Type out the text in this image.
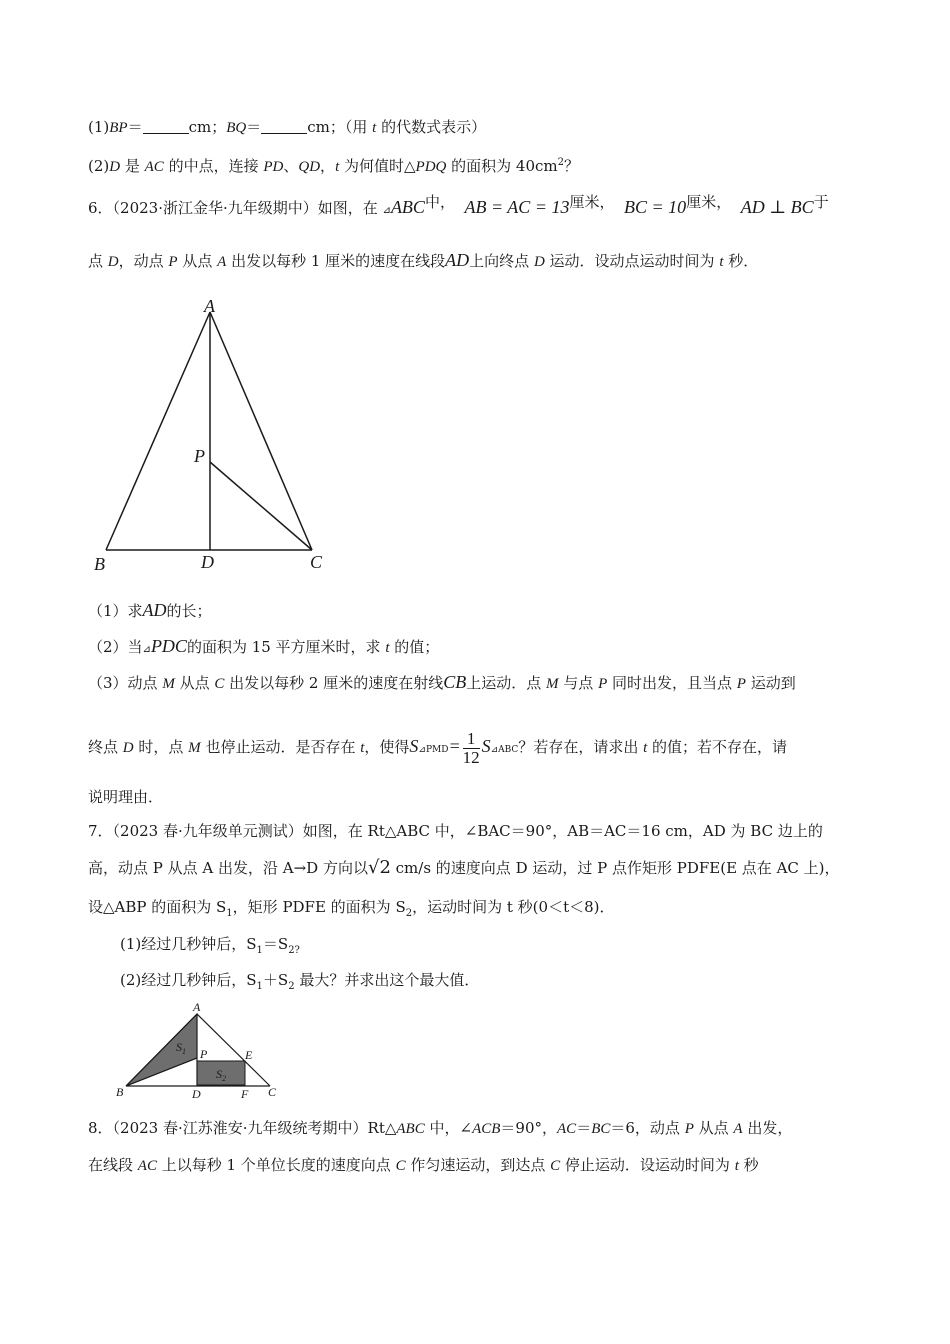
(1)BP＝	cm；BQ＝	cm；（用 t 的代数式表示）
(2)D 是 AC 的中点，连接 PD、QD，t 为何值时△PDQ 的面积为 $40cm^2$？
6．（2023·浙江金华·九年级期中）如图，在 ⊿ABC中， AB = AC = 13厘米， BC = 10厘米， AD ⊥ BC于
点 D，动点 P 从点 A 出发以每秒 1 厘米的速度在线段AD上向终点 D 运动．设动点运动时间为 t 秒．
A
B	C
D
P
（1）求AD的长；
（2）当⊿PDC的面积为 15 平方厘米时，求 t 的值；
（3）动点 M 从点 C 出发以每秒 2 厘米的速度在射线CB上运动．点 M 与点 P 同时出发，且当点 P 运动到
终点 D 时，点 M 也停止运动．是否存在 t，使得S⊿PMD= $\frac{1}{12}$ S⊿ABC？若存在，请求出 t 的值；若不存在，请
说明理由．
7．（2023 春·九年级单元测试）如图，在 Rt△ABC 中，∠BAC＝90°，AB＝AC＝16 cm，AD 为 BC 边上的
高，动点 P 从点 A 出发，沿 A→D 方向以√2 cm/s 的速度向点 D 运动，过 P 点作矩形 PDFE(E 点在 AC 上)，
设△ABP 的面积为 $S_1$，矩形 PDFE 的面积为 $S_2$，运动时间为 t 秒(0＜t＜8)．
(1)经过几秒钟后，$S_1=S_{2?}$
(2)经过几秒钟后，$S_1+S_2$ 最大？并求出这个最大值．
A
B	C
D
E
F
P
$S_1$
$S_2$
8．（2023 春·江苏淮安·九年级统考期中）Rt△ABC 中，∠ACB＝90°，AC＝BC＝6，动点 P 从点 A 出发，
在线段 AC 上以每秒 1 个单位长度的速度向点 C 作匀速运动，到达点 C 停止运动．设运动时间为 t 秒
